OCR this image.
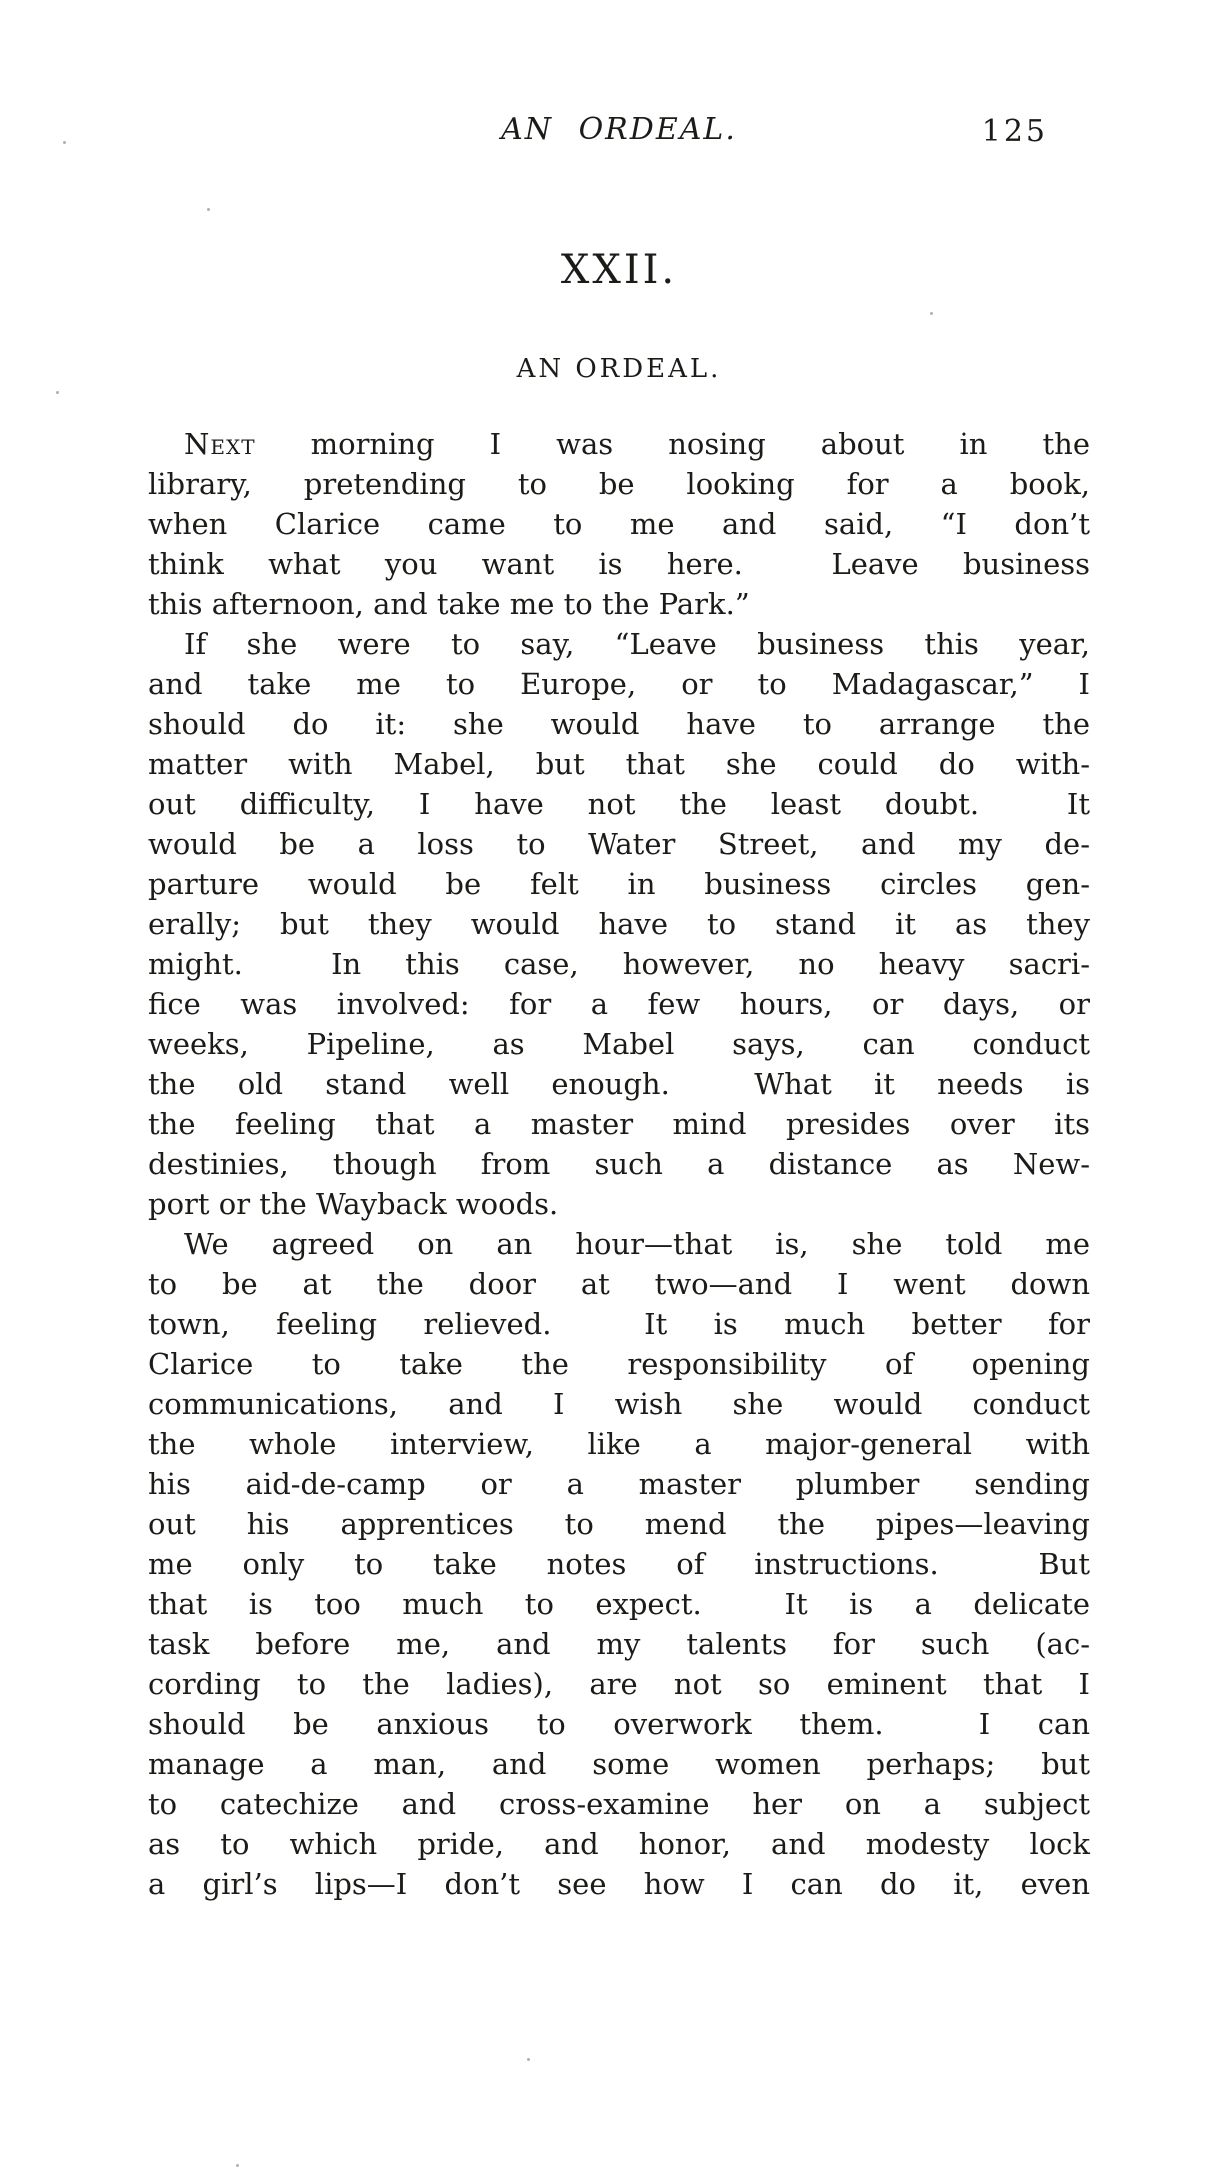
AN ORDEAL.	125
XXII.
AN ORDEAL.
Next morning I was nosing about in the
library, pretending to be looking for a book,
when Clarice came to me and said, “I don’t
think what you want is here.  Leave business
this afternoon, and take me to the Park.”
If she were to say, “Leave business this year,
and take me to Europe, or to Madagascar,” I
should do it: she would have to arrange the
matter with Mabel, but that she could do with-
out difficulty, I have not the least doubt.  It
would be a loss to Water Street, and my de-
parture would be felt in business circles gen-
erally; but they would have to stand it as they
might.  In this case, however, no heavy sacri-
fice was involved: for a few hours, or days, or
weeks, Pipeline, as Mabel says, can conduct
the old stand well enough.  What it needs is
the feeling that a master mind presides over its
destinies, though from such a distance as New-
port or the Wayback woods.
We agreed on an hour—that is, she told me
to be at the door at two—and I went down
town, feeling relieved.  It is much better for
Clarice to take the responsibility of opening
communications, and I wish she would conduct
the whole interview, like a major-general with
his aid-de-camp or a master plumber sending
out his apprentices to mend the pipes—leaving
me only to take notes of instructions.  But
that is too much to expect.  It is a delicate
task before me, and my talents for such (ac-
cording to the ladies), are not so eminent that I
should be anxious to overwork them.  I can
manage a man, and some women perhaps; but
to catechize and cross-examine her on a subject
as to which pride, and honor, and modesty lock
a girl’s lips—I don’t see how I can do it, even
